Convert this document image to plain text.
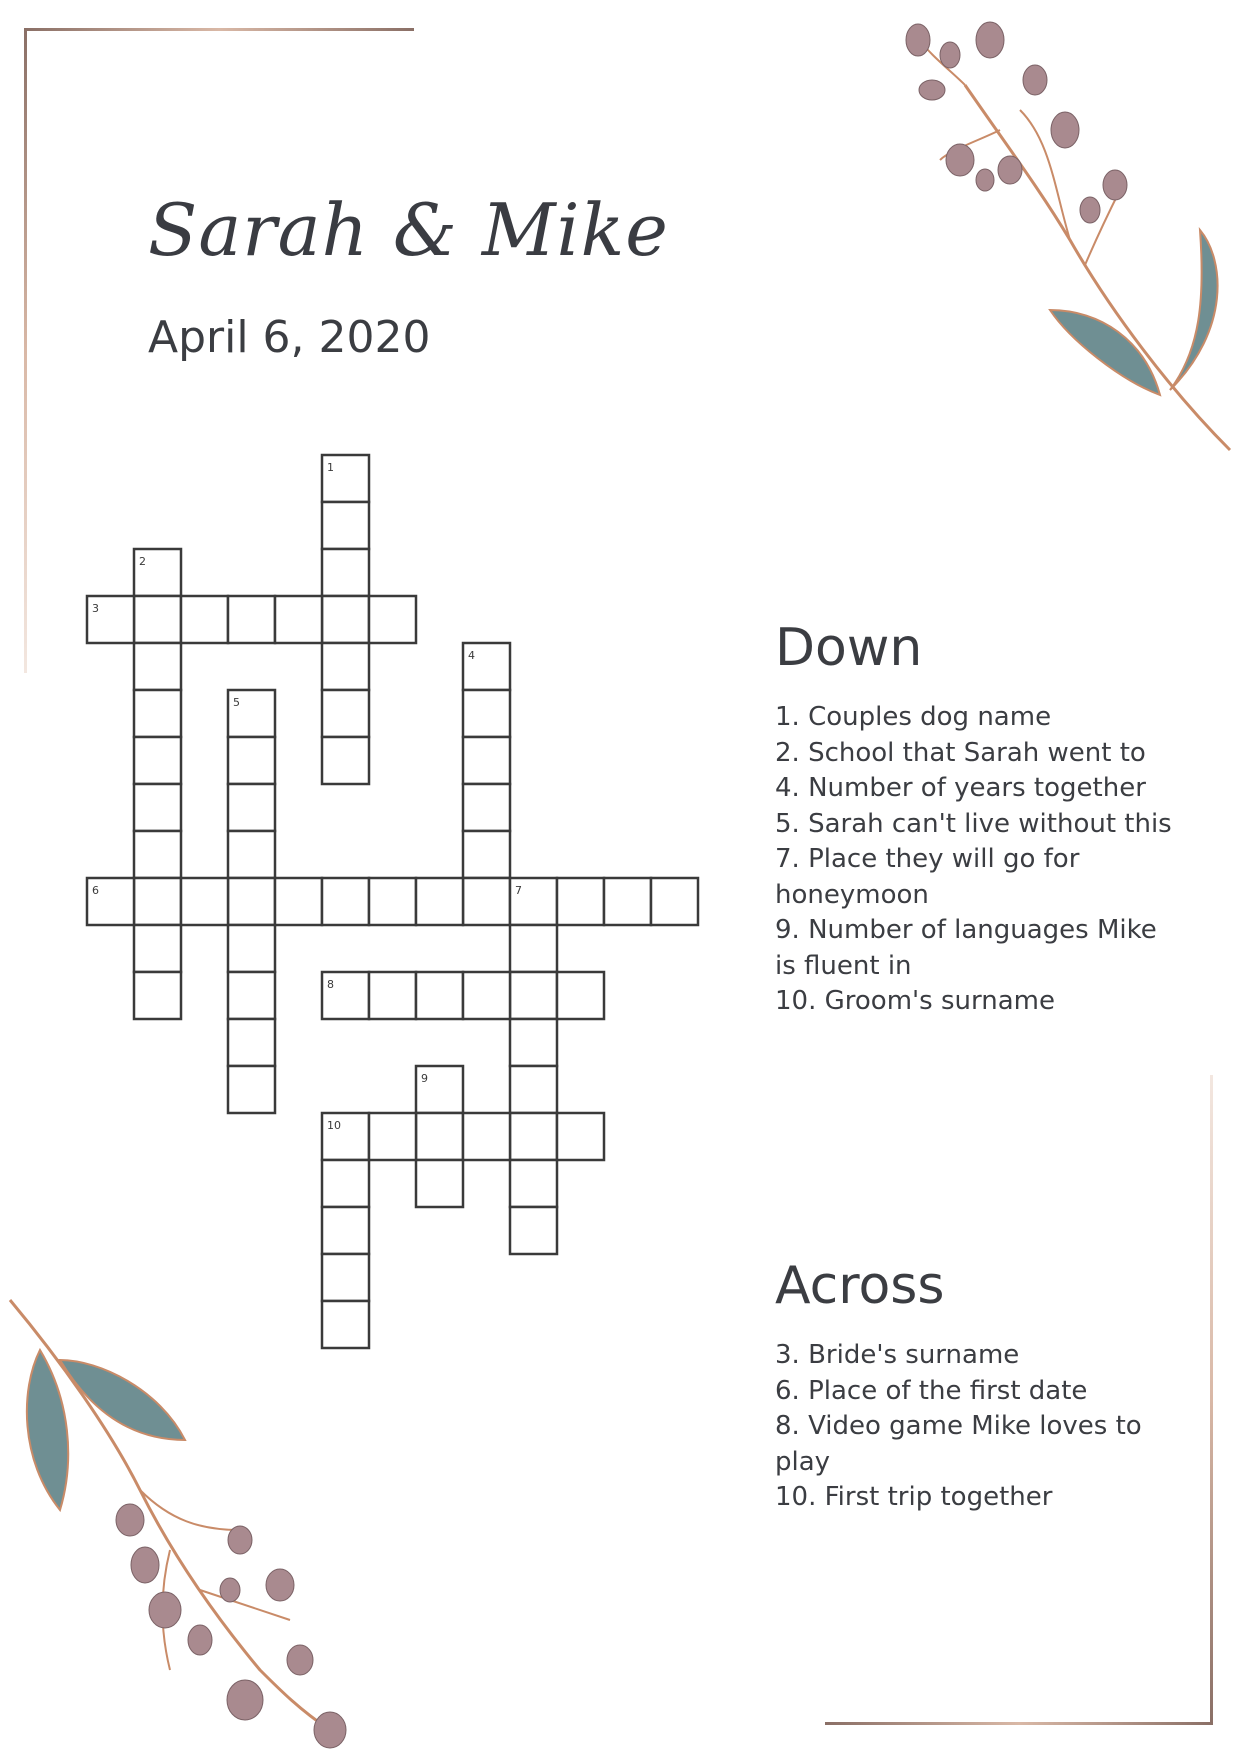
Sarah & Mike
April 6, 2020
1
2
3
4
5
6	7
8
9
10
Down
1. Couples dog name
2. School that Sarah went to
4. Number of years together
5. Sarah can't live without this
7. Place they will go for honeymoon
9. Number of languages Mike is fluent in
10. Groom's surname
Across
3. Bride's surname
6. Place of the first date
8. Video game Mike loves to play
10. First trip together
